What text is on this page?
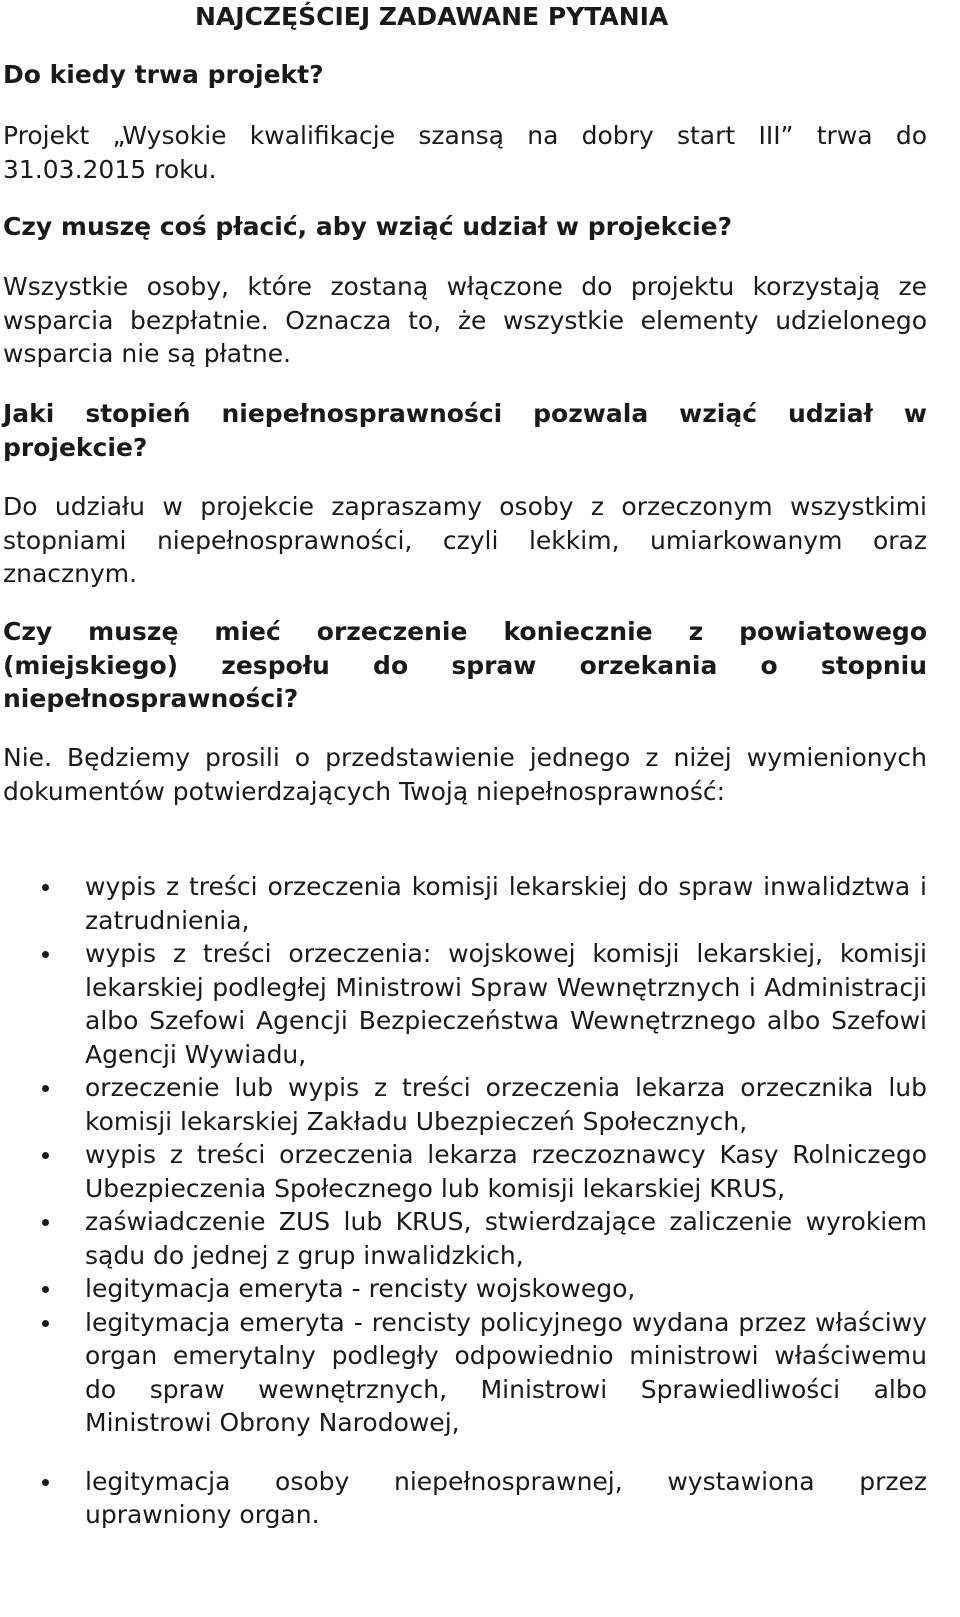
NAJCZĘŚCIEJ ZADAWANE PYTANIA
Do kiedy trwa projekt?
Projekt „Wysokie kwalifikacje szansą na dobry start III” trwa do 31.03.2015 roku.
Czy muszę coś płacić, aby wziąć udział w projekcie?
Wszystkie osoby, które zostaną włączone do projektu korzystają ze wsparcia bezpłatnie. Oznacza to, że wszystkie elementy udzielonego wsparcia nie są płatne.
Jaki stopień niepełnosprawności pozwala wziąć udział w projekcie?
Do udziału w projekcie zapraszamy osoby z orzeczonym wszystkimi stopniami niepełnosprawności, czyli lekkim, umiarkowanym oraz znacznym.
Czy muszę mieć orzeczenie koniecznie z powiatowego (miejskiego) zespołu do spraw orzekania o stopniu niepełnosprawności?
Nie. Będziemy prosili o przedstawienie jednego z niżej wymienionych dokumentów potwierdzających Twoją niepełnosprawność:
wypis z treści orzeczenia komisji lekarskiej do spraw inwalidztwa i zatrudnienia,
wypis z treści orzeczenia: wojskowej komisji lekarskiej, komisji lekarskiej podległej Ministrowi Spraw Wewnętrznych i Administracji albo Szefowi Agencji Bezpieczeństwa Wewnętrznego albo Szefowi Agencji Wywiadu,
orzeczenie lub wypis z treści orzeczenia lekarza orzecznika lub komisji lekarskiej Zakładu Ubezpieczeń Społecznych,
wypis z treści orzeczenia lekarza rzeczoznawcy Kasy Rolniczego Ubezpieczenia Społecznego lub komisji lekarskiej KRUS,
zaświadczenie ZUS lub KRUS, stwierdzające zaliczenie wyrokiem sądu do jednej z grup inwalidzkich,
legitymacja emeryta - rencisty wojskowego,
legitymacja emeryta - rencisty policyjnego wydana przez właściwy organ emerytalny podległy odpowiednio ministrowi właściwemu do spraw wewnętrznych, Ministrowi Sprawiedliwości albo Ministrowi Obrony Narodowej,
legitymacja osoby niepełnosprawnej, wystawiona przez uprawniony organ.
